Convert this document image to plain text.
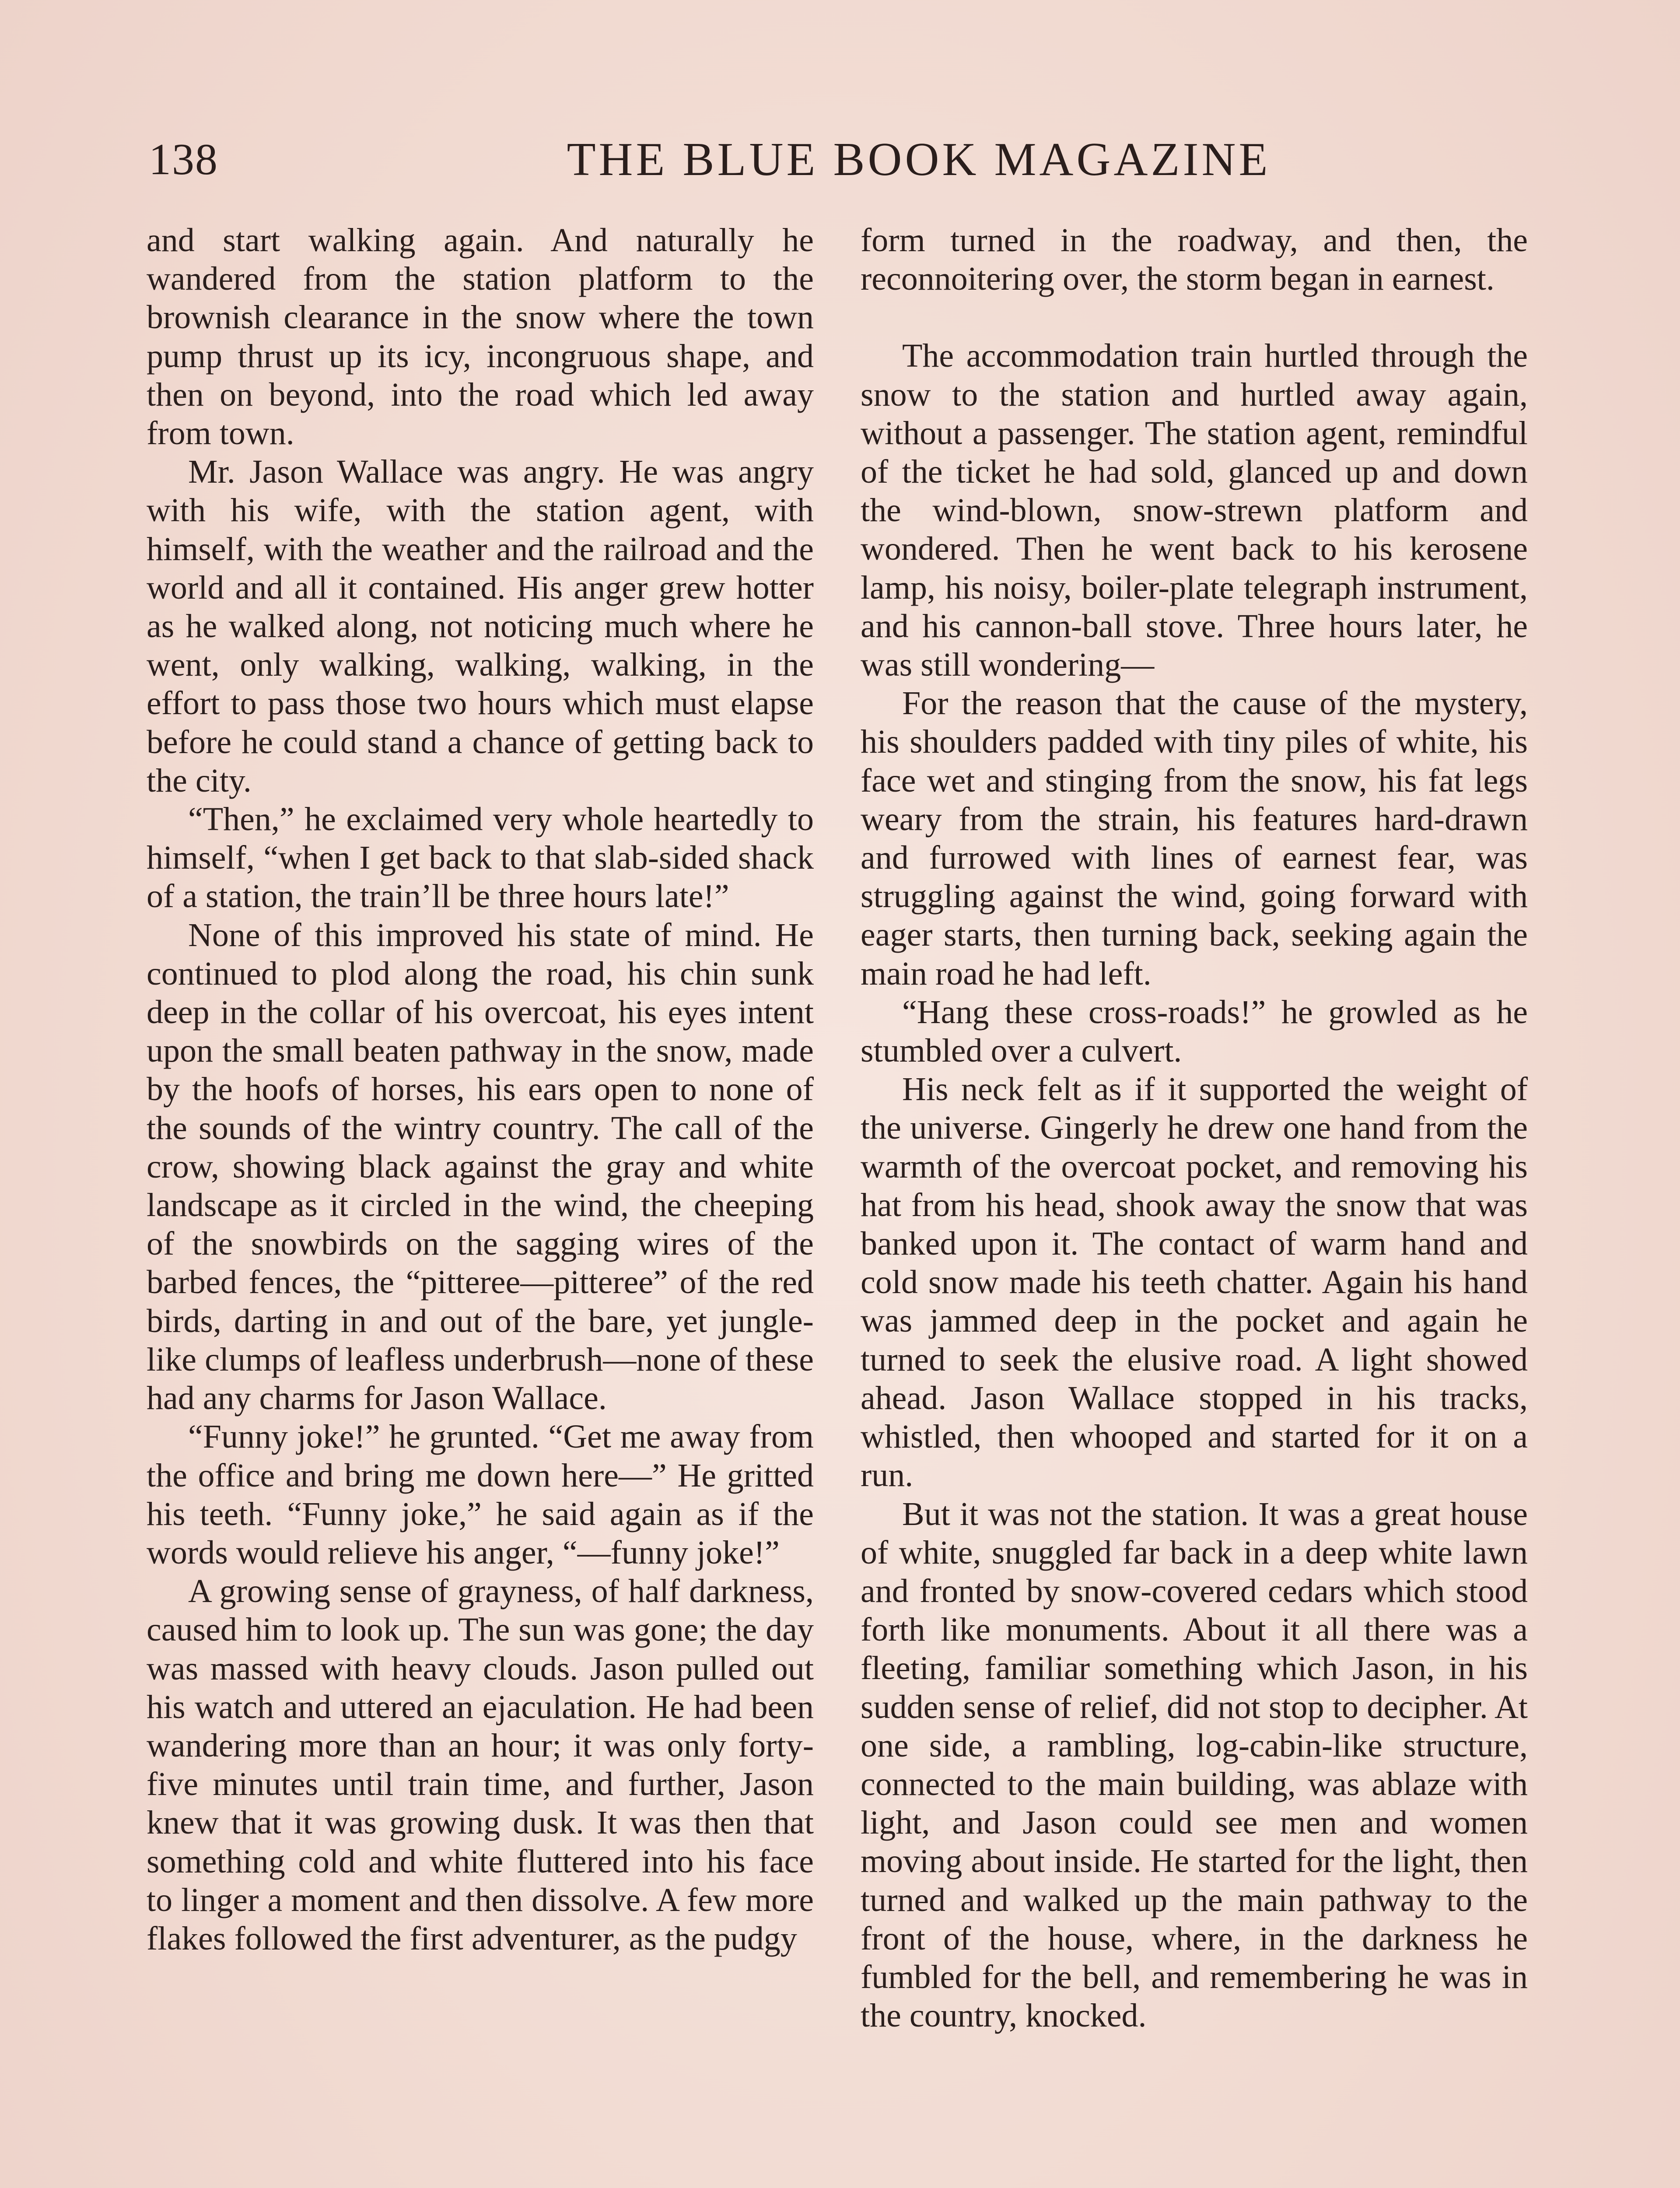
138	THE BLUE BOOK MAGAZINE

and start walking again. And naturally he wandered from the station platform to the brownish clearance in the snow where the town pump thrust up its icy, incongruous shape, and then on beyond, into the road which led away from town.

Mr. Jason Wallace was angry. He was angry with his wife, with the station agent, with himself, with the weather and the railroad and the world and all it contained. His anger grew hotter as he walked along, not noticing much where he went, only walking, walking, walking, in the effort to pass those two hours which must elapse before he could stand a chance of getting back to the city.

“Then,” he exclaimed very whole heartedly to himself, “when I get back to that slab-sided shack of a station, the train’ll be three hours late!”

None of this improved his state of mind. He continued to plod along the road, his chin sunk deep in the collar of his overcoat, his eyes intent upon the small beaten pathway in the snow, made by the hoofs of horses, his ears open to none of the sounds of the wintry country. The call of the crow, showing black against the gray and white landscape as it circled in the wind, the cheeping of the snowbirds on the sagging wires of the barbed fences, the “pitteree—pitteree” of the red birds, darting in and out of the bare, yet jungle-like clumps of leafless underbrush—none of these had any charms for Jason Wallace.

“Funny joke!” he grunted. “Get me away from the office and bring me down here—” He gritted his teeth. “Funny joke,” he said again as if the words would relieve his anger, “—funny joke!”

A growing sense of grayness, of half darkness, caused him to look up. The sun was gone; the day was massed with heavy clouds. Jason pulled out his watch and uttered an ejaculation. He had been wandering more than an hour; it was only forty-five minutes until train time, and further, Jason knew that it was growing dusk. It was then that something cold and white fluttered into his face to linger a moment and then dissolve. A few more flakes followed the first adventurer, as the pudgy

form turned in the roadway, and then, the reconnoitering over, the storm began in earnest.

The accommodation train hurtled through the snow to the station and hurtled away again, without a passenger. The station agent, remindful of the ticket he had sold, glanced up and down the wind-blown, snow-strewn platform and wondered. Then he went back to his kerosene lamp, his noisy, boiler-plate telegraph instrument, and his cannon-ball stove. Three hours later, he was still wondering—

For the reason that the cause of the mystery, his shoulders padded with tiny piles of white, his face wet and stinging from the snow, his fat legs weary from the strain, his features hard-drawn and furrowed with lines of earnest fear, was struggling against the wind, going forward with eager starts, then turning back, seeking again the main road he had left.

“Hang these cross-roads!” he growled as he stumbled over a culvert.

His neck felt as if it supported the weight of the universe. Gingerly he drew one hand from the warmth of the overcoat pocket, and removing his hat from his head, shook away the snow that was banked upon it. The contact of warm hand and cold snow made his teeth chatter. Again his hand was jammed deep in the pocket and again he turned to seek the elusive road. A light showed ahead. Jason Wallace stopped in his tracks, whistled, then whooped and started for it on a run.

But it was not the station. It was a great house of white, snuggled far back in a deep white lawn and fronted by snow-covered cedars which stood forth like monuments. About it all there was a fleeting, familiar something which Jason, in his sudden sense of relief, did not stop to decipher. At one side, a rambling, log-cabin-like structure, connected to the main building, was ablaze with light, and Jason could see men and women moving about inside. He started for the light, then turned and walked up the main pathway to the front of the house, where, in the darkness he fumbled for the bell, and remembering he was in the country, knocked.
